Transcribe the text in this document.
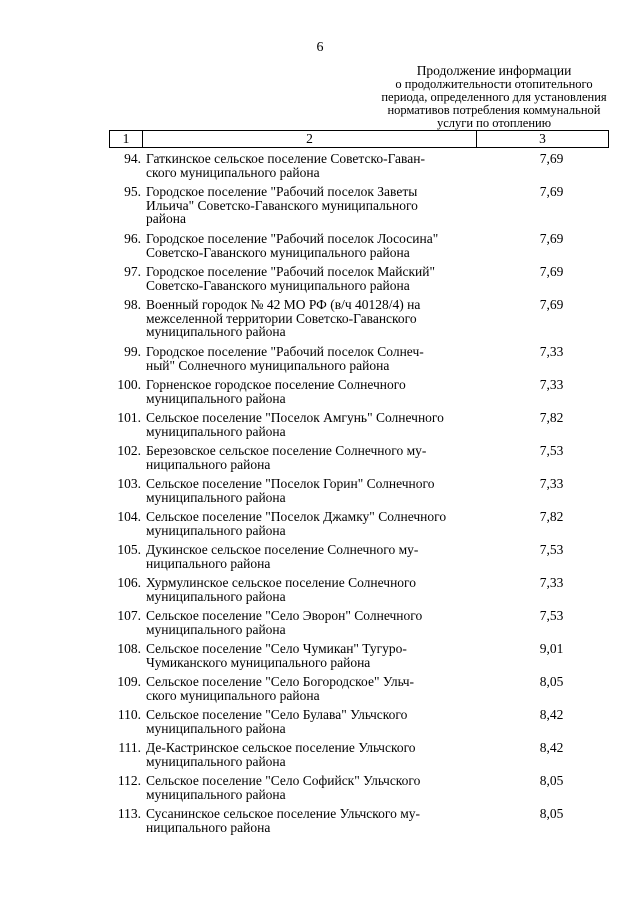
6
Продолжение информации
о продолжительности отопительного
периода, определенного для установления
нормативов потребления коммунальной
услуги по отоплению
1	2	3
94. Гаткинское сельское поселение Советско-Гаван-
ского муниципального района
7,69
95. Городское поселение "Рабочий поселок Заветы
Ильича" Советско-Гаванского муниципального
района
7,69
96. Городское поселение "Рабочий поселок Лососина"
Советско-Гаванского муниципального района
7,69
97. Городское поселение "Рабочий поселок Майский"
Советско-Гаванского муниципального района
7,69
98. Военный городок № 42 МО РФ (в/ч 40128/4) на
межселенной территории Советско-Гаванского
муниципального района
7,69
99. Городское поселение "Рабочий поселок Солнеч-
ный" Солнечного муниципального района
7,33
100. Горненское городское поселение Солнечного
муниципального района
7,33
101. Сельское поселение "Поселок Амгунь" Солнечного
муниципального района
7,82
102. Березовское сельское поселение Солнечного му-
ниципального района
7,53
103. Сельское поселение "Поселок Горин" Солнечного
муниципального района
7,33
104. Сельское поселение "Поселок Джамку" Солнечного
муниципального района
7,82
105. Дукинское сельское поселение Солнечного му-
ниципального района
7,53
106. Хурмулинское сельское поселение Солнечного
муниципального района
7,33
107. Сельское поселение "Село Эворон" Солнечного
муниципального района
7,53
108. Сельское поселение "Село Чумикан" Тугуро-
Чумиканского муниципального района
9,01
109. Сельское поселение "Село Богородское" Ульч-
ского муниципального района
8,05
110. Сельское поселение "Село Булава" Ульчского
муниципального района
8,42
111. Де-Кастринское сельское поселение Ульчского
муниципального района
8,42
112. Сельское поселение "Село Софийск" Ульчского
муниципального района
8,05
113. Сусанинское сельское поселение Ульчского му-
ниципального района
8,05
